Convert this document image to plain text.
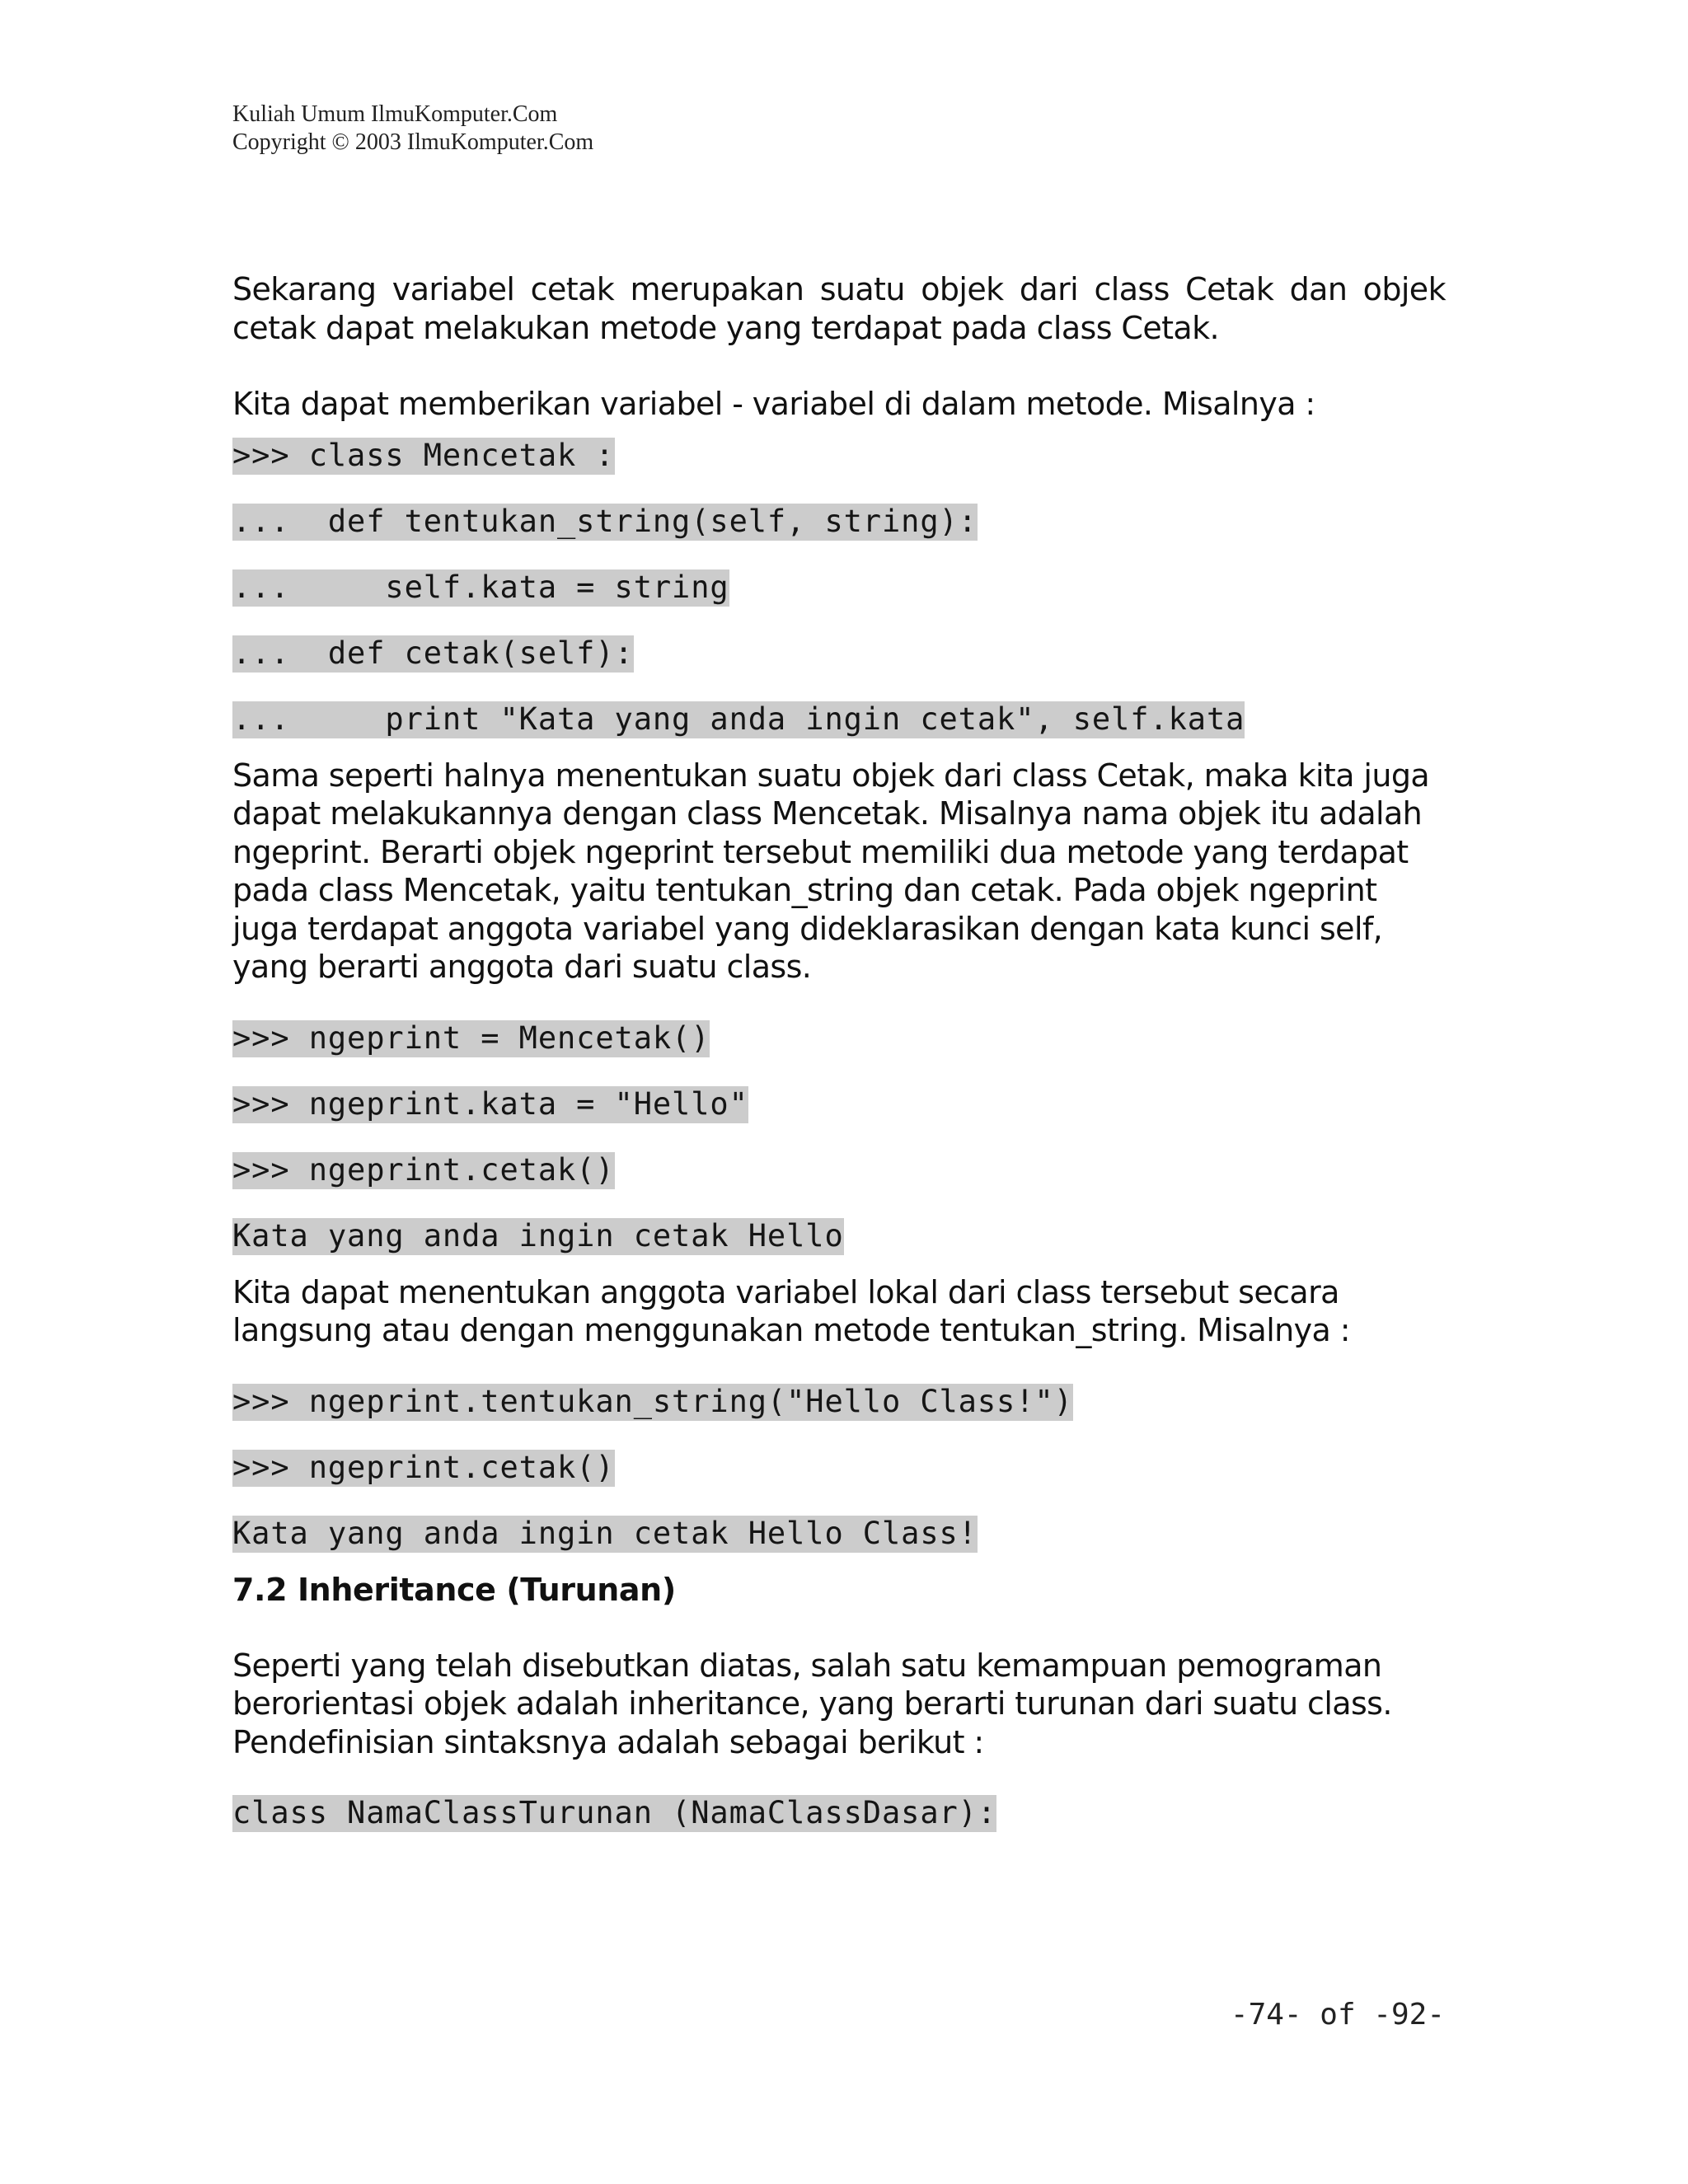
Kuliah Umum IlmuKomputer.Com
Copyright © 2003 IlmuKomputer.Com

Sekarang variabel cetak merupakan suatu objek dari class Cetak dan objek cetak dapat melakukan metode yang terdapat pada class Cetak.

Kita dapat memberikan variabel - variabel di dalam metode. Misalnya :

>>> class Mencetak :
...  def tentukan_string(self, string):
...     self.kata = string
...  def cetak(self):
...     print "Kata yang anda ingin cetak", self.kata

Sama seperti halnya menentukan suatu objek dari class Cetak, maka kita juga dapat melakukannya dengan class Mencetak. Misalnya nama objek itu adalah ngeprint. Berarti objek ngeprint tersebut memiliki dua metode yang terdapat pada class Mencetak, yaitu tentukan_string dan cetak. Pada objek ngeprint juga terdapat anggota variabel yang dideklarasikan dengan kata kunci self, yang berarti anggota dari suatu class.

>>> ngeprint = Mencetak()
>>> ngeprint.kata = "Hello"
>>> ngeprint.cetak()
Kata yang anda ingin cetak Hello

Kita dapat menentukan anggota variabel lokal dari class tersebut secara langsung atau dengan menggunakan metode tentukan_string. Misalnya :

>>> ngeprint.tentukan_string("Hello Class!")
>>> ngeprint.cetak()
Kata yang anda ingin cetak Hello Class!
7.2 Inheritance (Turunan)

Seperti yang telah disebutkan diatas, salah satu kemampuan pemograman berorientasi objek adalah inheritance, yang berarti turunan dari suatu class. Pendefinisian sintaksnya adalah sebagai berikut :

class NamaClassTurunan (NamaClassDasar):
-74- of -92-
